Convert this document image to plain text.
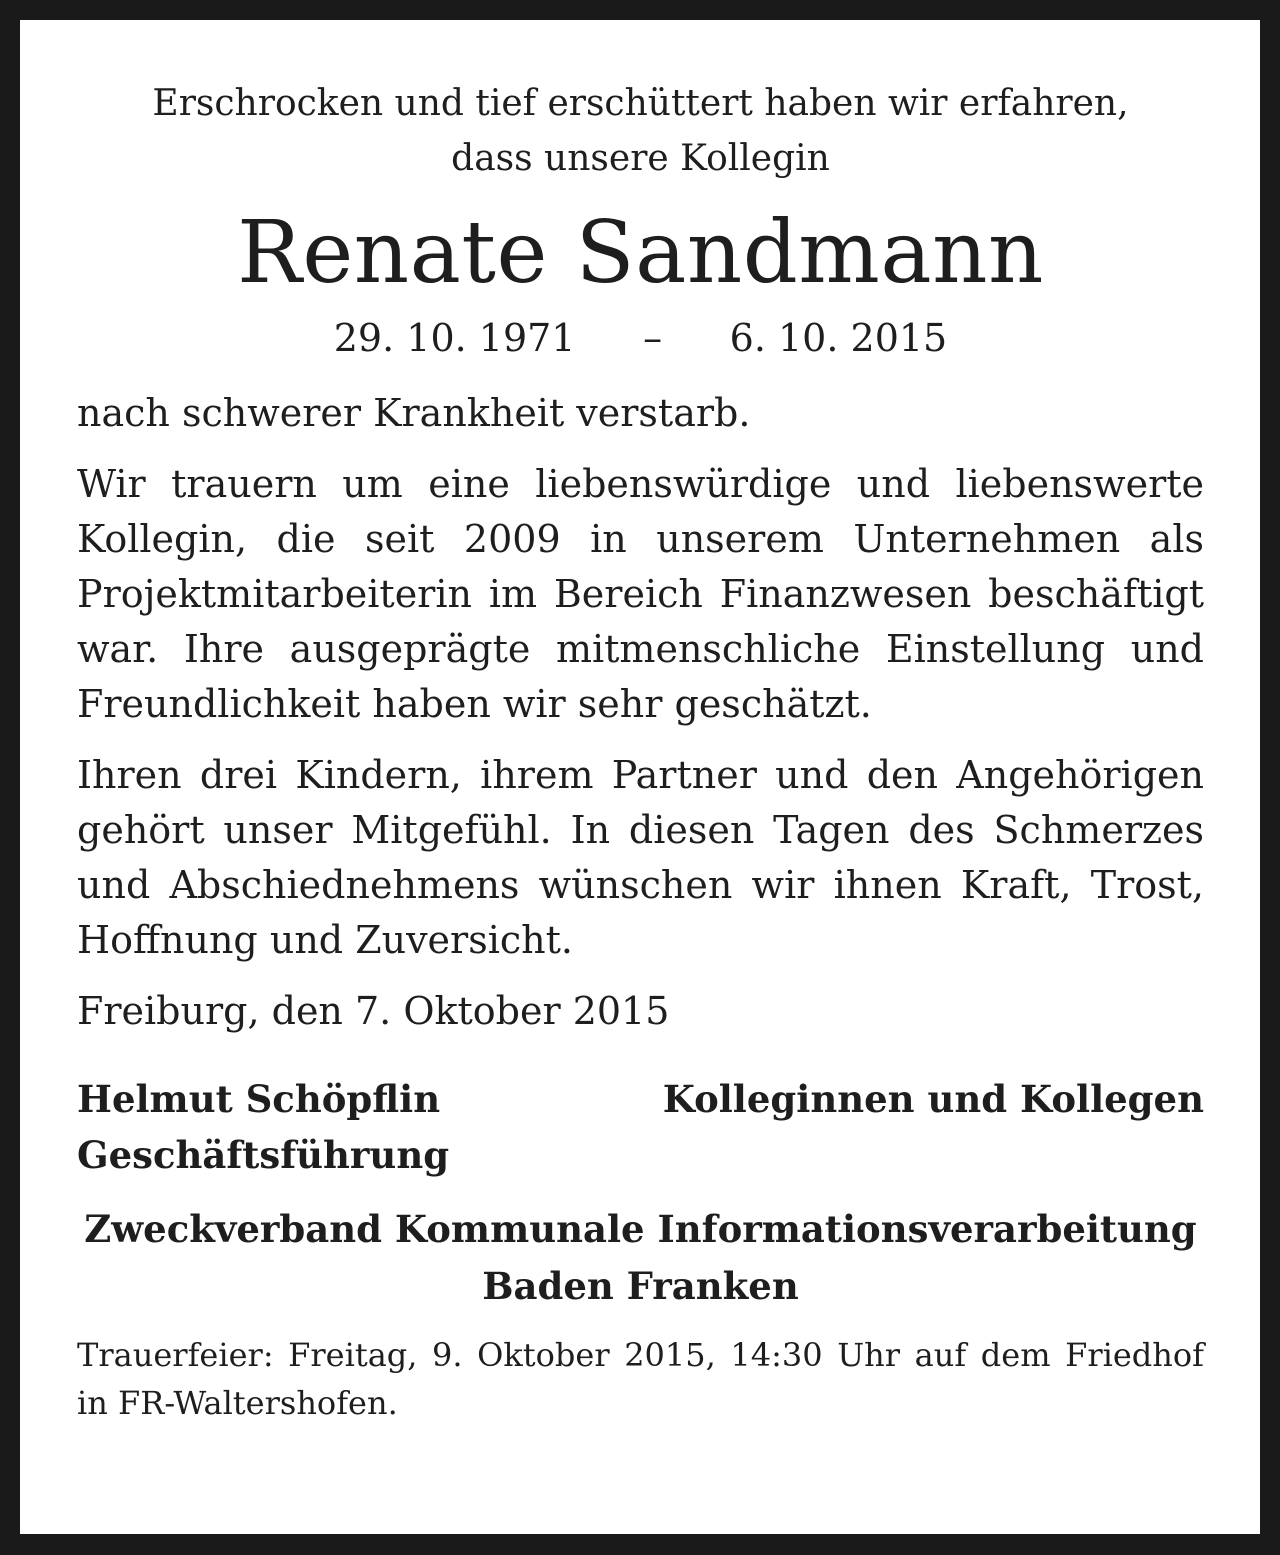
Erschrocken und tief erschüttert haben wir erfahren,

dass unsere Kollegin

Renate Sandmann

29. 10. 1971 – 6. 10. 2015

nach schwerer Krankheit verstarb.

Wir trauern um eine liebenswürdige und liebenswerte Kollegin, die seit 2009 in unserem Unternehmen als Projektmitarbeiterin im Bereich Finanzwesen beschäftigt war. Ihre ausgeprägte mitmenschliche Einstellung und Freundlichkeit haben wir sehr geschätzt.

Ihren drei Kindern, ihrem Partner und den Angehörigen gehört unser Mitgefühl. In diesen Tagen des Schmerzes und Abschiednehmens wünschen wir ihnen Kraft, Trost, Hoffnung und Zuversicht.

Freiburg, den 7. Oktober 2015

Helmut Schöpflin
Geschäftsführung
Kolleginnen und Kollegen
Zweckverband Kommunale Informationsverarbeitung
Baden Franken

Trauerfeier: Freitag, 9. Oktober 2015, 14:30 Uhr auf dem Friedhof in FR-Waltershofen.
